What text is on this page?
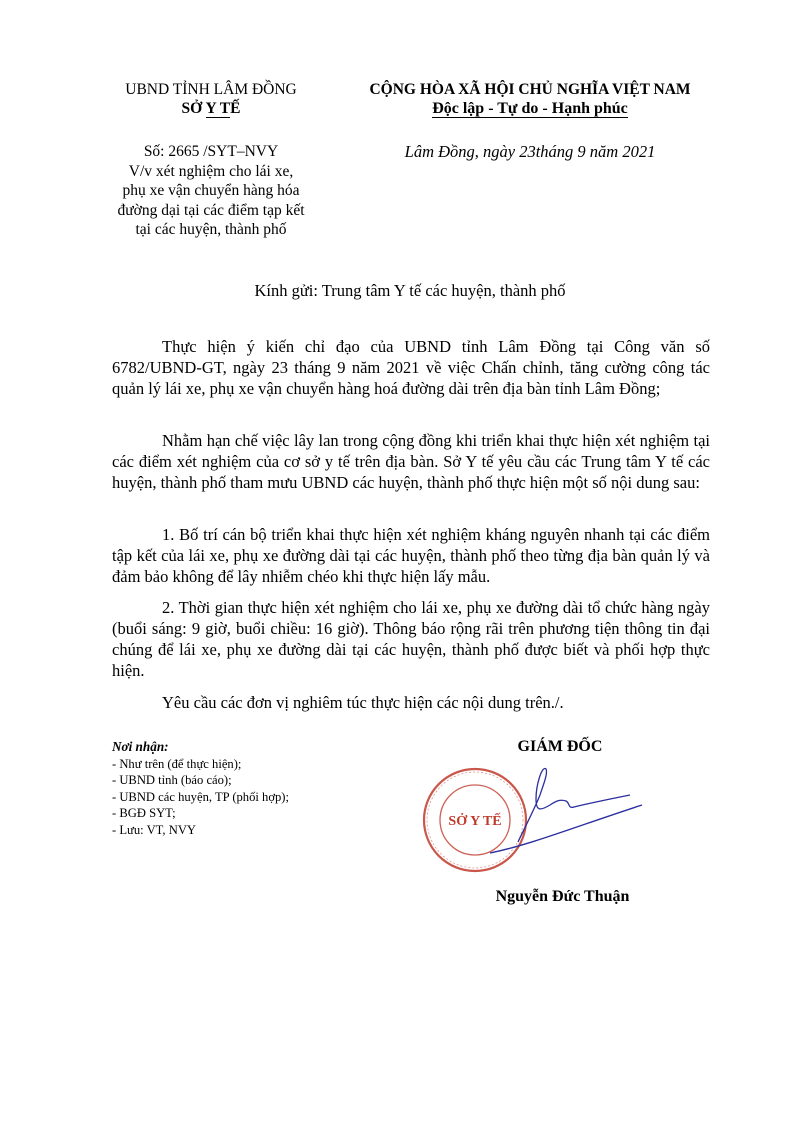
UBND TỈNH LÂM ĐỒNG
SỞ Y TẾ
Số: 2665 /SYT–NVY
V/v xét nghiệm cho lái xe,
phụ xe vận chuyển hàng hóa
đường dại tại các điểm tạp kết
tại các huyện, thành phố
CỘNG HÒA XÃ HỘI CHỦ NGHĨA VIỆT NAM
Độc lập - Tự do - Hạnh phúc
Lâm Đồng, ngày 23tháng 9 năm 2021
Kính gửi: Trung tâm Y tế các huyện, thành phố
Thực hiện ý kiến chỉ đạo của UBND tỉnh Lâm Đồng tại Công văn số 6782/UBND-GT, ngày 23 tháng 9 năm 2021 về việc Chấn chỉnh, tăng cường công tác quản lý lái xe, phụ xe vận chuyển hàng hoá đường dài trên địa bàn tỉnh Lâm Đồng;
Nhằm hạn chế việc lây lan trong cộng đồng khi triển khai thực hiện xét nghiệm tại các điểm xét nghiệm của cơ sở y tế trên địa bàn. Sở Y tế yêu cầu các Trung tâm Y tế các huyện, thành phố tham mưu UBND các huyện, thành phố thực hiện một số nội dung sau:
1. Bố trí cán bộ triển khai thực hiện xét nghiệm kháng nguyên nhanh tại các điểm tập kết của lái xe, phụ xe đường dài tại các huyện, thành phố theo từng địa bàn quản lý và đảm bảo không để lây nhiễm chéo khi thực hiện lấy mẫu.
2. Thời gian thực hiện xét nghiệm cho lái xe, phụ xe đường dài tổ chức hàng ngày (buổi sáng: 9 giờ, buổi chiều: 16 giờ). Thông báo rộng rãi trên phương tiện thông tin đại chúng để lái xe, phụ xe đường dài tại các huyện, thành phố được biết và phối hợp thực hiện.
Yêu cầu các đơn vị nghiêm túc thực hiện các nội dung trên./.
Nơi nhận:
- Như trên (để thực hiện);
- UBND tỉnh (báo cáo);
- UBND các huyện, TP (phối hợp);
- BGĐ SYT;
- Lưu: VT, NVY
GIÁM ĐỐC
SỞ Y TẾ
Nguyễn Đức Thuận
